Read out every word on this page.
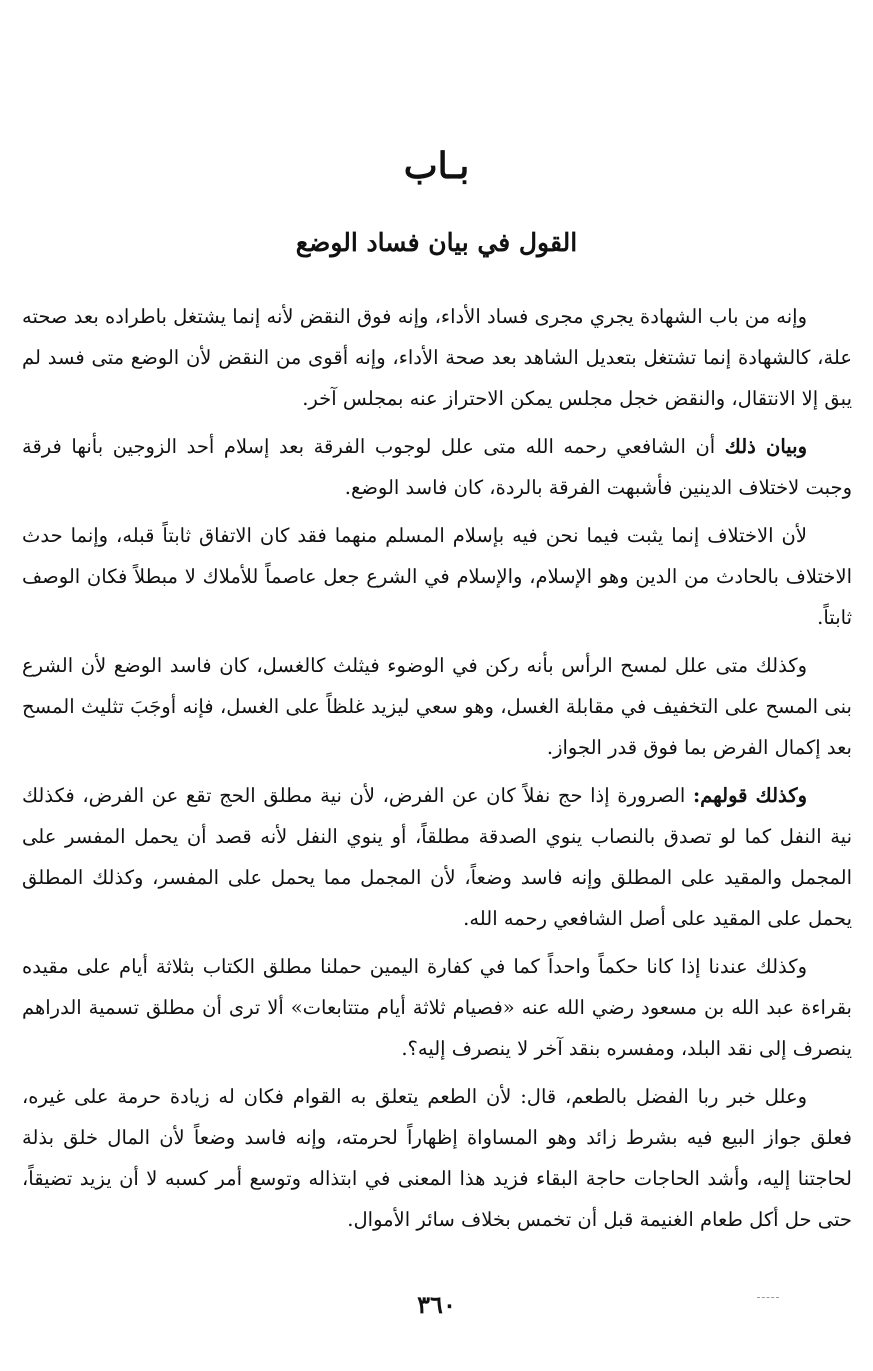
بـاب
القول في بيان فساد الوضع

وإنه من باب الشهادة يجري مجرى فساد الأداء، وإنه فوق النقض لأنه إنما يشتغل باطراده بعد صحته علة، كالشهادة إنما تشتغل بتعديل الشاهد بعد صحة الأداء، وإنه أقوى من النقض لأن الوضع متى فسد لم يبق إلا الانتقال، والنقض خجل مجلس يمكن الاحتراز عنه بمجلس آخر.

وبيان ذلك أن الشافعي رحمه الله متى علل لوجوب الفرقة بعد إسلام أحد الزوجين بأنها فرقة وجبت لاختلاف الدينين فأشبهت الفرقة بالردة، كان فاسد الوضع.

لأن الاختلاف إنما يثبت فيما نحن فيه بإسلام المسلم منهما فقد كان الاتفاق ثابتاً قبله، وإنما حدث الاختلاف بالحادث من الدين وهو الإسلام، والإسلام في الشرع جعل عاصماً للأملاك لا مبطلاً فكان الوصف ثابتاً.

وكذلك متى علل لمسح الرأس بأنه ركن في الوضوء فيثلث كالغسل، كان فاسد الوضع لأن الشرع بنى المسح على التخفيف في مقابلة الغسل، وهو سعي ليزيد غلظاً على الغسل، فإنه أوجَبَ تثليث المسح بعد إكمال الفرض بما فوق قدر الجواز.

وكذلك قولهم: الصرورة إذا حج نفلاً كان عن الفرض، لأن نية مطلق الحج تقع عن الفرض، فكذلك نية النفل كما لو تصدق بالنصاب ينوي الصدقة مطلقاً، أو ينوي النفل لأنه قصد أن يحمل المفسر على المجمل والمقيد على المطلق وإنه فاسد وضعاً، لأن المجمل مما يحمل على المفسر، وكذلك المطلق يحمل على المقيد على أصل الشافعي رحمه الله.

وكذلك عندنا إذا كانا حكماً واحداً كما في كفارة اليمين حملنا مطلق الكتاب بثلاثة أيام على مقيده بقراءة عبد الله بن مسعود رضي الله عنه «فصيام ثلاثة أيام متتابعات» ألا ترى أن مطلق تسمية الدراهم ينصرف إلى نقد البلد، ومفسره بنقد آخر لا ينصرف إليه؟.

وعلل خبر ربا الفضل بالطعم، قال: لأن الطعم يتعلق به القوام فكان له زيادة حرمة على غيره، فعلق جواز البيع فيه بشرط زائد وهو المساواة إظهاراً لحرمته، وإنه فاسد وضعاً لأن المال خلق بذلة لحاجتنا إليه، وأشد الحاجات حاجة البقاء فزيد هذا المعنى في ابتذاله وتوسع أمر كسبه لا أن يزيد تضيقاً، حتى حل أكل طعام الغنيمة قبل أن تخمس بخلاف سائر الأموال.

٣٦٠
